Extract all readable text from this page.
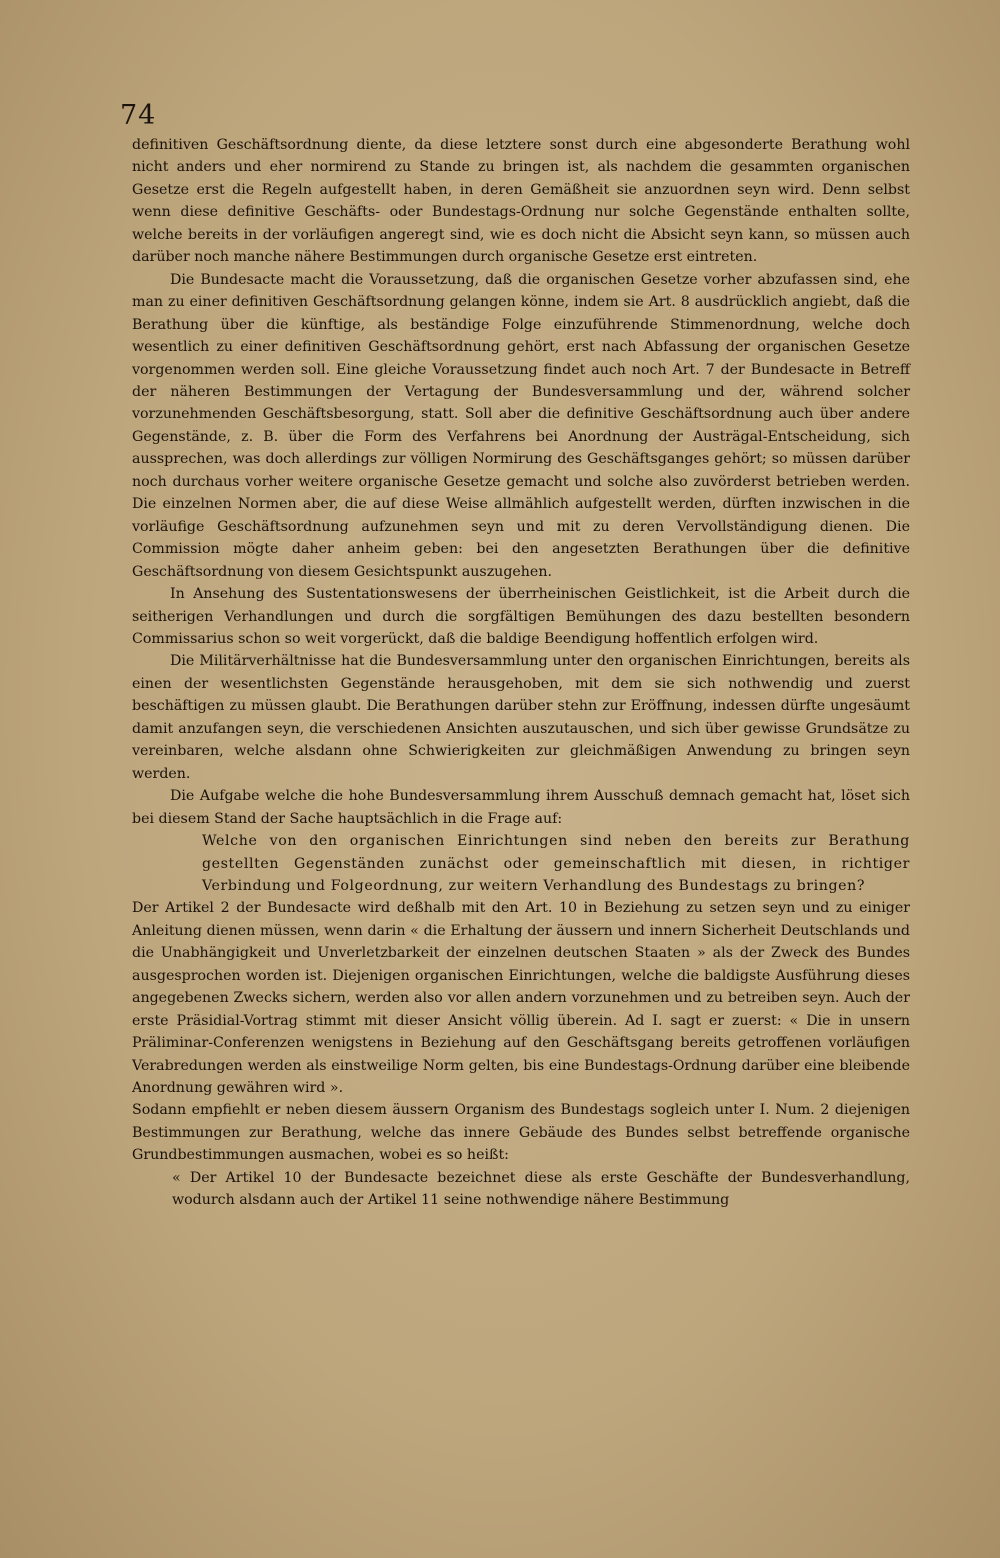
74

definitiven Geschäftsordnung diente, da diese letztere sonst durch eine abgesonderte Berathung wohl nicht anders und eher normirend zu Stande zu bringen ist, als nachdem die gesammten organischen Gesetze erst die Regeln aufgestellt haben, in deren Gemäßheit sie anzuordnen seyn wird. Denn selbst wenn diese definitive Geschäfts- oder Bundestags-Ordnung nur solche Gegenstände enthalten sollte, welche bereits in der vorläufigen angeregt sind, wie es doch nicht die Absicht seyn kann, so müssen auch darüber noch manche nähere Bestimmungen durch organische Gesetze erst eintreten.

Die Bundesacte macht die Voraussetzung, daß die organischen Gesetze vorher abzufassen sind, ehe man zu einer definitiven Geschäftsordnung gelangen könne, indem sie Art. 8 ausdrücklich angiebt, daß die Berathung über die künftige, als beständige Folge einzuführende Stimmenordnung, welche doch wesentlich zu einer definitiven Geschäftsordnung gehört, erst nach Abfassung der organischen Gesetze vorgenommen werden soll. Eine gleiche Voraussetzung findet auch noch Art. 7 der Bundesacte in Betreff der näheren Bestimmungen der Vertagung der Bundesversammlung und der, während solcher vorzunehmenden Geschäftsbesorgung, statt. Soll aber die definitive Geschäftsordnung auch über andere Gegenstände, z. B. über die Form des Verfahrens bei Anordnung der Austrägal-Entscheidung, sich aussprechen, was doch allerdings zur völligen Normirung des Geschäftsganges gehört; so müssen darüber noch durchaus vorher weitere organische Gesetze gemacht und solche also zuvörderst betrieben werden. Die einzelnen Normen aber, die auf diese Weise allmählich aufgestellt werden, dürften inzwischen in die vorläufige Geschäftsordnung aufzunehmen seyn und mit zu deren Vervollständigung dienen. Die Commission mögte daher anheim geben: bei den angesetzten Berathungen über die definitive Geschäftsordnung von diesem Gesichtspunkt auszugehen.

In Ansehung des Sustentationswesens der überrheinischen Geistlichkeit, ist die Arbeit durch die seitherigen Verhandlungen und durch die sorgfältigen Bemühungen des dazu bestellten besondern Commissarius schon so weit vorgerückt, daß die baldige Beendigung hoffentlich erfolgen wird.

Die Militärverhältnisse hat die Bundesversammlung unter den organischen Einrichtungen, bereits als einen der wesentlichsten Gegenstände herausgehoben, mit dem sie sich nothwendig und zuerst beschäftigen zu müssen glaubt. Die Berathungen darüber stehn zur Eröffnung, indessen dürfte ungesäumt damit anzufangen seyn, die verschiedenen Ansichten auszutauschen, und sich über gewisse Grundsätze zu vereinbaren, welche alsdann ohne Schwierigkeiten zur gleichmäßigen Anwendung zu bringen seyn werden.

Die Aufgabe welche die hohe Bundesversammlung ihrem Ausschuß demnach gemacht hat, löset sich bei diesem Stand der Sache hauptsächlich in die Frage auf:

Welche von den organischen Einrichtungen sind neben den bereits zur Berathung gestellten Gegenständen zunächst oder gemeinschaftlich mit diesen, in richtiger Verbindung und Folgeordnung, zur weitern Verhandlung des Bundestags zu bringen?

Der Artikel 2 der Bundesacte wird deßhalb mit den Art. 10 in Beziehung zu setzen seyn und zu einiger Anleitung dienen müssen, wenn darin « die Erhaltung der äussern und innern Sicherheit Deutschlands und die Unabhängigkeit und Unverletzbarkeit der einzelnen deutschen Staaten » als der Zweck des Bundes ausgesprochen worden ist. Diejenigen organischen Einrichtungen, welche die baldigste Ausführung dieses angegebenen Zwecks sichern, werden also vor allen andern vorzunehmen und zu betreiben seyn. Auch der erste Präsidial-Vortrag stimmt mit dieser Ansicht völlig überein. Ad I. sagt er zuerst: « Die in unsern Präliminar-Conferenzen wenigstens in Beziehung auf den Geschäftsgang bereits getroffenen vorläufigen Verabredungen werden als einstweilige Norm gelten, bis eine Bundestags-Ordnung darüber eine bleibende Anordnung gewähren wird ».

Sodann empfiehlt er neben diesem äussern Organism des Bundestags sogleich unter I. Num. 2 diejenigen Bestimmungen zur Berathung, welche das innere Gebäude des Bundes selbst betreffende organische Grundbestimmungen ausmachen, wobei es so heißt:

« Der Artikel 10 der Bundesacte bezeichnet diese als erste Geschäfte der Bundesverhandlung, wodurch alsdann auch der Artikel 11 seine nothwendige nähere Bestimmung
